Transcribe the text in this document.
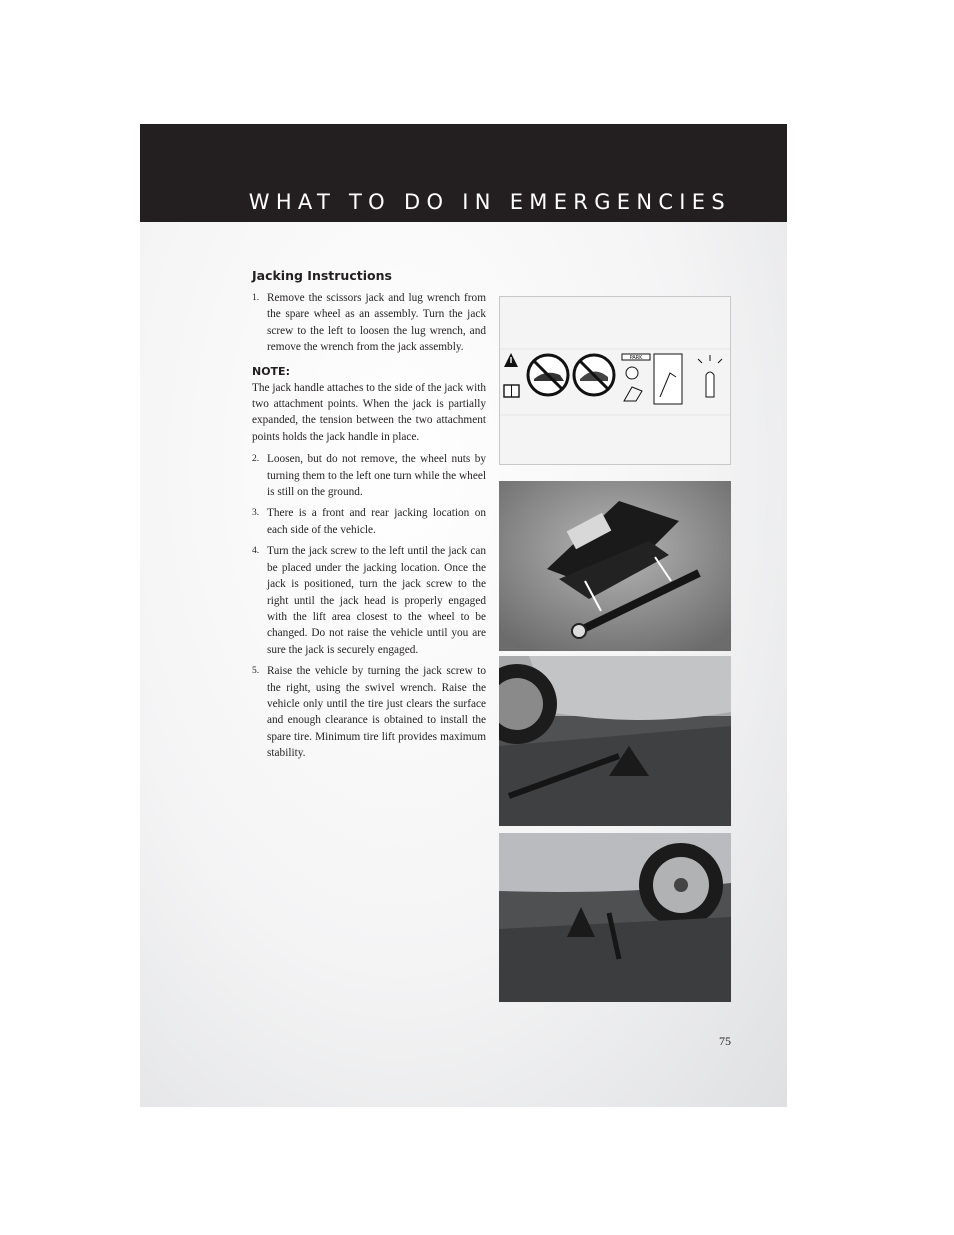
WHAT TO DO IN EMERGENCIES
Jacking Instructions

1. Remove the scissors jack and lug wrench from the spare wheel as an assembly. Turn the jack screw to the left to loosen the lug wrench, and remove the wrench from the jack assembly.

NOTE:
The jack handle attaches to the side of the jack with two attachment points. When the jack is partially expanded, the tension between the two attachment points holds the jack handle in place.

2. Loosen, but do not remove, the wheel nuts by turning them to the left one turn while the wheel is still on the ground.

3. There is a front and rear jacking location on each side of the vehicle.

4. Turn the jack screw to the left until the jack can be placed under the jacking location. Once the jack is positioned, turn the jack screw to the right until the jack head is properly engaged with the lift area closest to the wheel to be changed. Do not raise the vehicle until you are sure the jack is securely engaged.

5. Raise the vehicle by turning the jack screw to the right, using the swivel wrench. Raise the vehicle only until the tire just clears the surface and enough clearance is obtained to install the spare tire. Minimum tire lift provides maximum stability.

PARK
75
